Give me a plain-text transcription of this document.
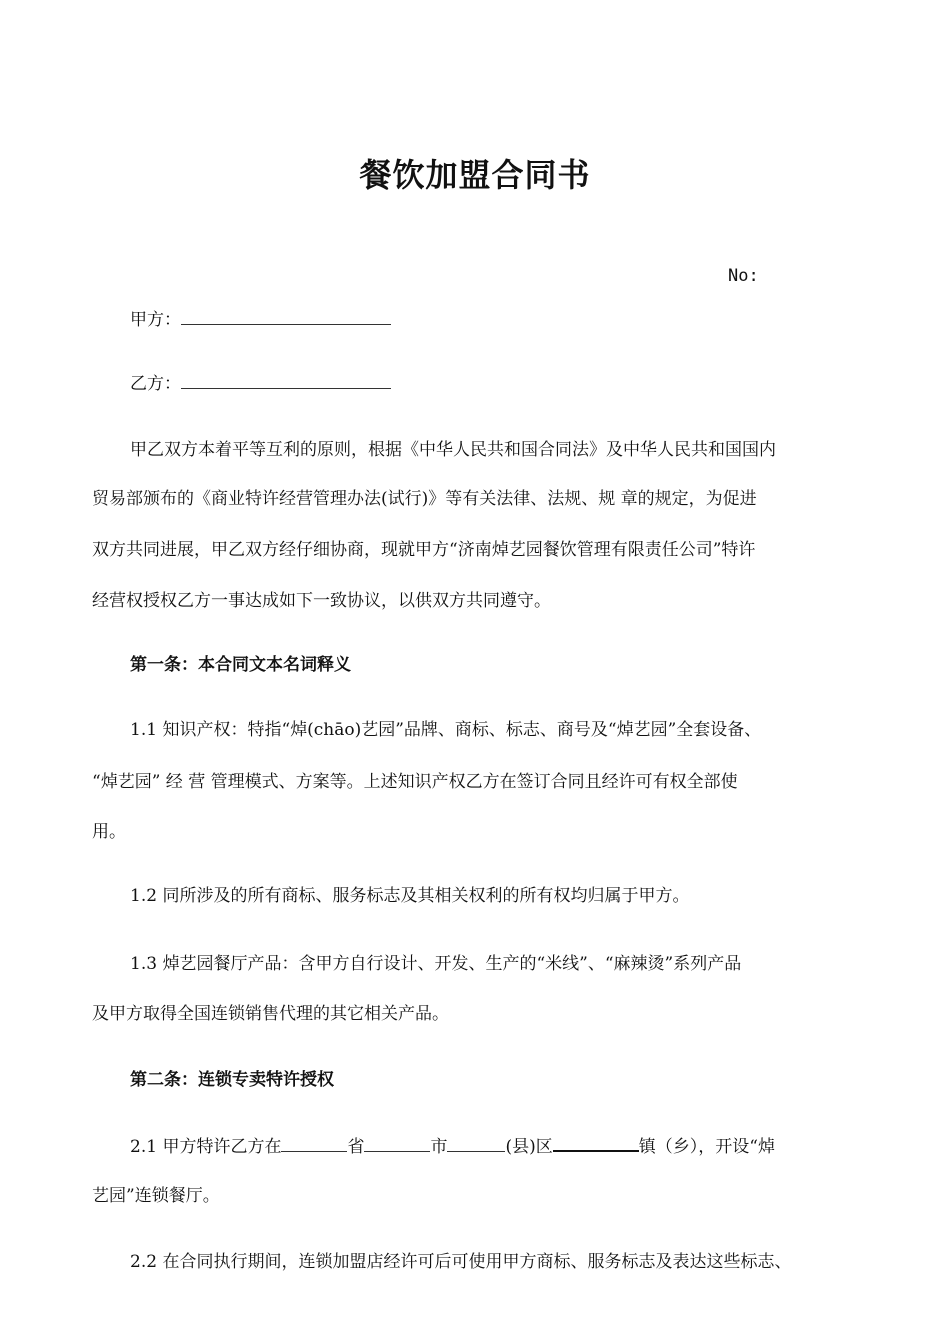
餐饮加盟合同书
No:
甲方：
乙方：
甲乙双方本着平等互利的原则，根据《中华人民共和国合同法》及中华人民共和国国内
贸易部颁布的《商业特许经营管理办法(试行)》等有关法律、法规、规 章的规定，为促进
双方共同进展，甲乙双方经仔细协商，现就甲方“济南焯艺园餐饮管理有限责任公司”特许
经营权授权乙方一事达成如下一致协议，以供双方共同遵守。
第一条：本合同文本名词释义
1.1 知识产权：特指“焯(chāo)艺园”品牌、商标、标志、商号及“焯艺园”全套设备、
“焯艺园” 经 营 管理模式、方案等。上述知识产权乙方在签订合同且经许可有权全部使
用。
1.2 同所涉及的所有商标、服务标志及其相关权利的所有权均归属于甲方。
1.3 焯艺园餐厅产品：含甲方自行设计、开发、生产的“米线”、“麻辣烫”系列产品
及甲方取得全国连锁销售代理的其它相关产品。
第二条：连锁专卖特许授权
2.1 甲方特许乙方在	省	市	(县)区	镇（乡），开设“焯
艺园”连锁餐厅。
2.2 在合同执行期间，连锁加盟店经许可后可使用甲方商标、服务标志及表达这些标志、
